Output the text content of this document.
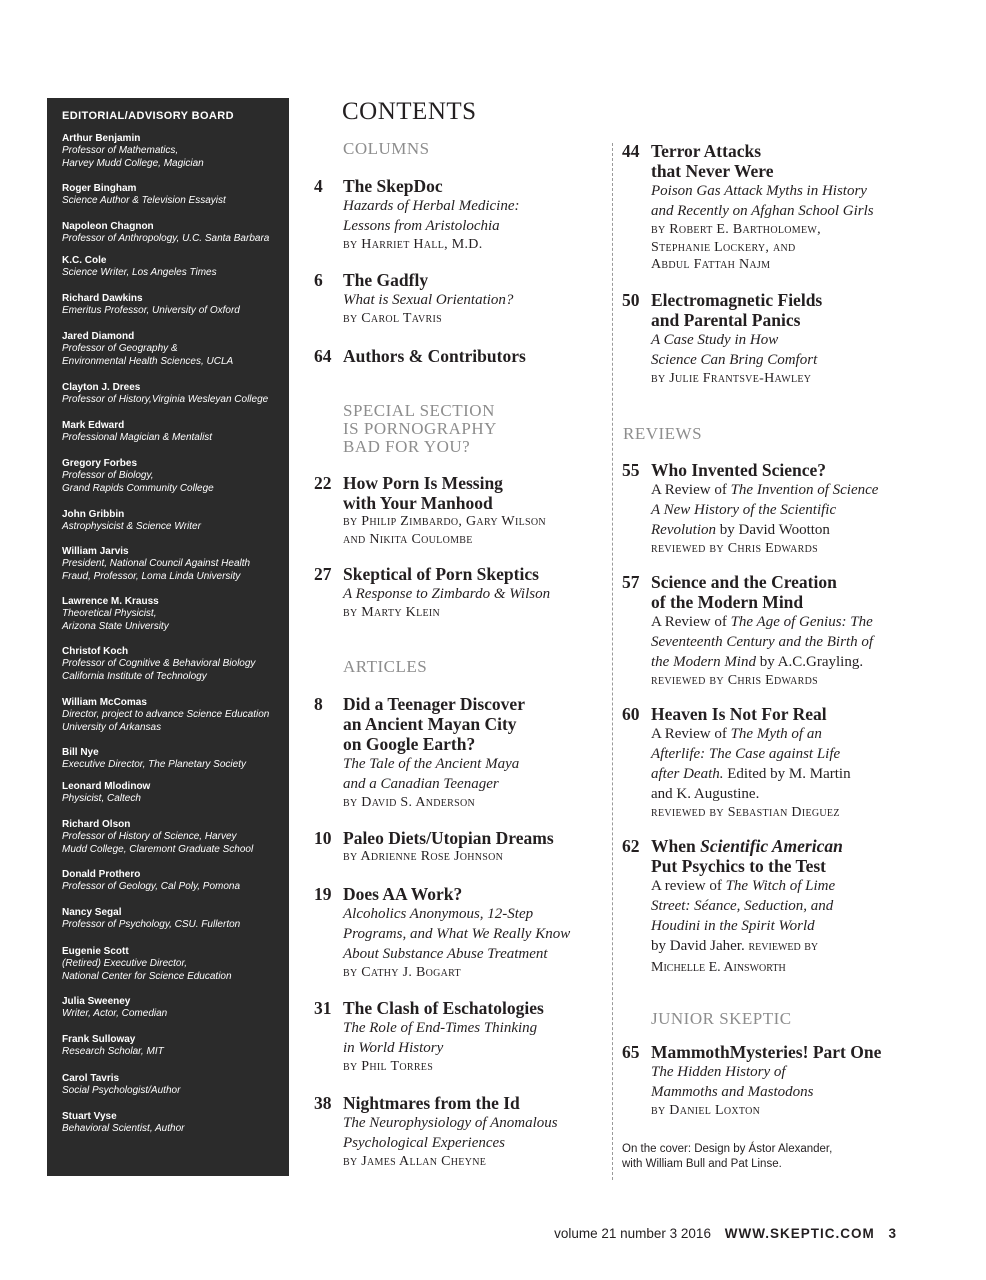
EDITORIAL/ADVISORY BOARD
Arthur Benjamin
Professor of Mathematics,
Harvey Mudd College, Magician
Roger Bingham
Science Author & Television Essayist
Napoleon Chagnon
Professor of Anthropology, U.C. Santa Barbara
K.C. Cole
Science Writer, Los Angeles Times
Richard Dawkins
Emeritus Professor, University of Oxford
Jared Diamond
Professor of Geography &
Environmental Health Sciences, UCLA
Clayton J. Drees
Professor of History,Virginia Wesleyan College
Mark Edward
Professional Magician & Mentalist
Gregory Forbes
Professor of Biology,
Grand Rapids Community College
John Gribbin
Astrophysicist & Science Writer
William Jarvis
President, National Council Against Health
Fraud, Professor, Loma Linda University
Lawrence M. Krauss
Theoretical Physicist,
Arizona State University
Christof Koch
Professor of Cognitive & Behavioral Biology
California Institute of Technology
William McComas
Director, project to advance Science Education
University of Arkansas
Bill Nye
Executive Director, The Planetary Society
Leonard Mlodinow
Physicist, Caltech
Richard Olson
Professor of History of Science, Harvey
Mudd College, Claremont Graduate School
Donald Prothero
Professor of Geology, Cal Poly, Pomona
Nancy Segal
Professor of Psychology, CSU. Fullerton
Eugenie Scott
(Retired) Executive Director,
National Center for Science Education
Julia Sweeney
Writer, Actor, Comedian
Frank Sulloway
Research Scholar, MIT
Carol Tavris
Social Psychologist/Author
Stuart Vyse
Behavioral Scientist, Author
CONTENTS
COLUMNS
SPECIAL SECTION
IS PORNOGRAPHY
BAD FOR YOU?
ARTICLES
REVIEWS
JUNIOR SKEPTIC
4 The SkepDoc
Hazards of Herbal Medicine:
Lessons from Aristolochia
by Harriet Hall, M.D.
6 The Gadfly
What is Sexual Orientation?
by Carol Tavris
64 Authors & Contributors
22 How Porn Is Messing
with Your Manhood
by Philip Zimbardo, Gary Wilson
and Nikita Coulombe
27 Skeptical of Porn Skeptics
A Response to Zimbardo & Wilson
by Marty Klein
8 Did a Teenager Discover
an Ancient Mayan City
on Google Earth?
The Tale of the Ancient Maya
and a Canadian Teenager
by David S. Anderson
10 Paleo Diets/Utopian Dreams
by Adrienne Rose Johnson
19 Does AA Work?
Alcoholics Anonymous, 12-Step
Programs, and What We Really Know
About Substance Abuse Treatment
by Cathy J. Bogart
31 The Clash of Eschatologies
The Role of End-Times Thinking
in World History
by Phil Torres
38 Nightmares from the Id
The Neurophysiology of Anomalous
Psychological Experiences
by James Allan Cheyne
44 Terror Attacks
that Never Were
Poison Gas Attack Myths in History
and Recently on Afghan School Girls
by Robert E. Bartholomew,
Stephanie Lockery, and
Abdul Fattah Najm
50 Electromagnetic Fields
and Parental Panics
A Case Study in How
Science Can Bring Comfort
by Julie Frantsve-Hawley
65 MammothMysteries! Part One
The Hidden History of
Mammoths and Mastodons
by Daniel Loxton
55 Who Invented Science?
A Review of The Invention of Science
A New History of the Scientific
Revolution by David Wootton
reviewed by Chris Edwards
57 Science and the Creation
of the Modern Mind
A Review of The Age of Genius: The
Seventeenth Century and the Birth of
the Modern Mind by A.C.Grayling.
reviewed by Chris Edwards
60 Heaven Is Not For Real
A Review of The Myth of an
Afterlife: The Case against Life
after Death. Edited by M. Martin
and K. Augustine.
reviewed by Sebastian Dieguez
62 When Scientific American
Put Psychics to the Test
A review of The Witch of Lime
Street: Séance, Seduction, and
Houdini in the Spirit World
by David Jaher. reviewed by
Michelle E. Ainsworth
On the cover: Design by Ástor Alexander,
with William Bull and Pat Linse.
volume 21 number 3 2016 WWW.SKEPTIC.COM 3
